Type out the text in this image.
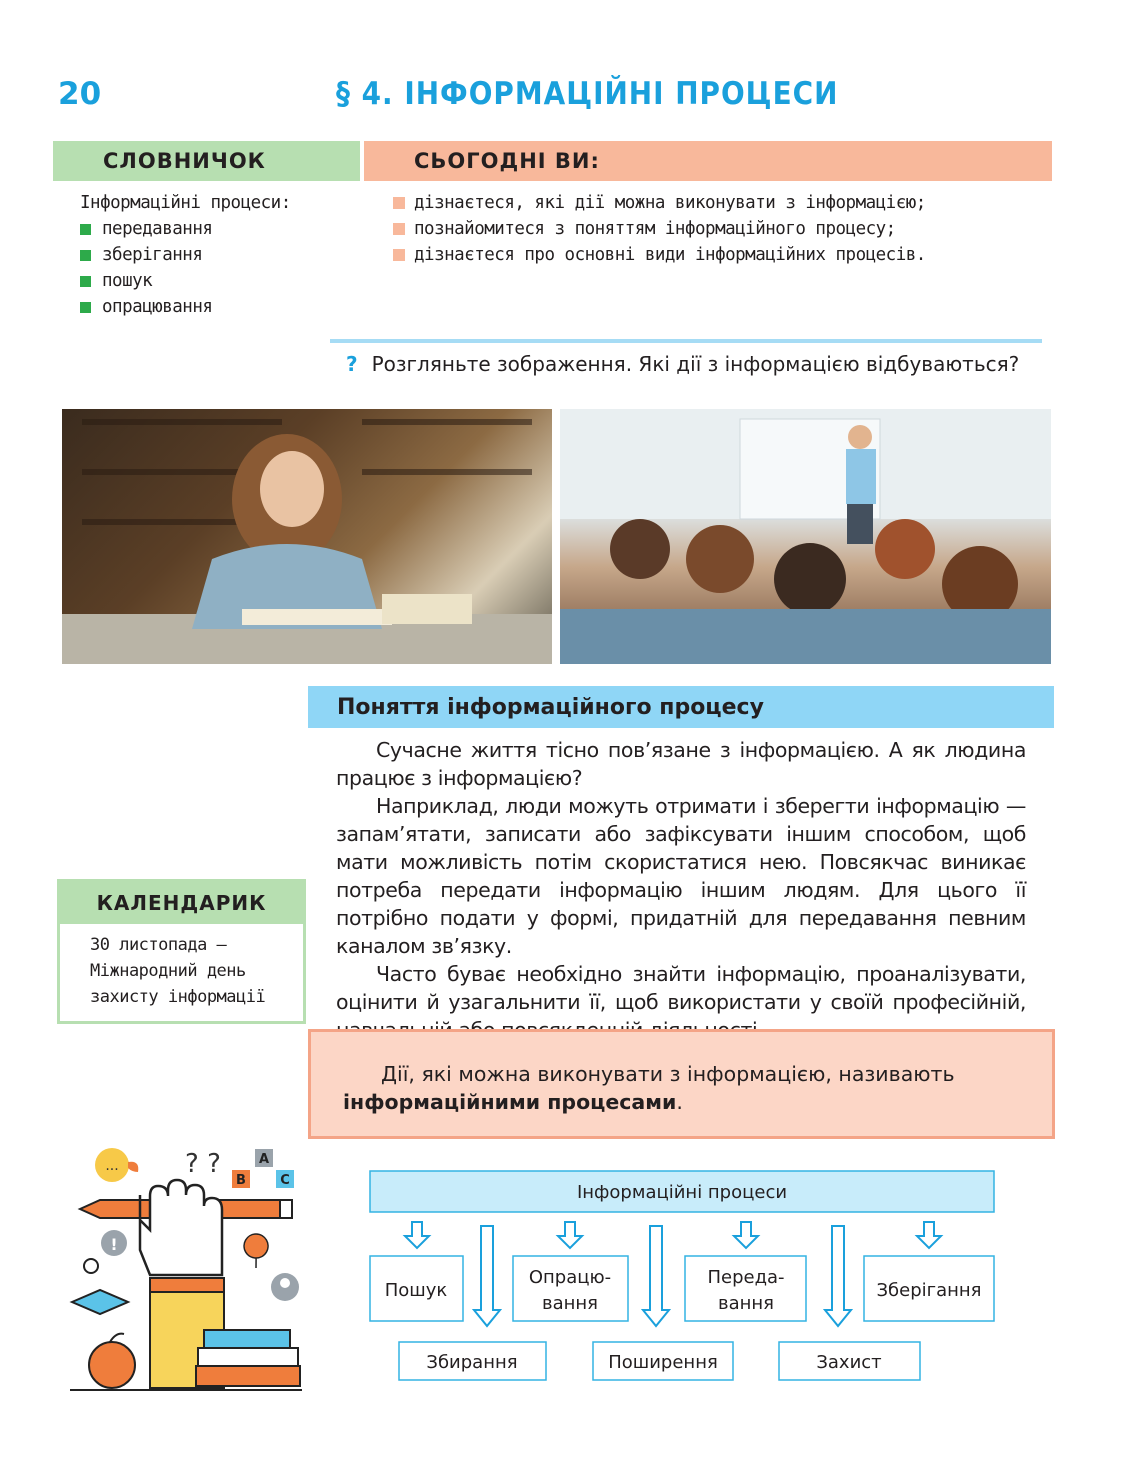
20	§ 4. ІНФОРМАЦІЙНІ ПРОЦЕСИ
СЛОВНИЧОК	СЬОГОДНІ ВИ:
Інформаційні процеси:
передавання
зберігання
пошук
опрацювання
дізнаєтеся, які дії можна виконувати з інформацією;
познайомитеся з поняттям інформаційного процесу;
дізнаєтеся про основні види інформаційних процесів.
? Розгляньте зображення. Які дії з інформацією відбуваються?
Поняття інформаційного процесу

Сучасне життя тісно пов’язане з інформацією. А як людина працює з інформацією?

Наприклад, люди можуть отримати і зберегти інформацію — запам’ятати, записати або зафіксувати іншим способом, щоб мати можливість потім скористатися нею. Повсякчас виникає потреба передати інформацію іншим людям. Для цього її потрібно подати у формі, придатній для передавання певним каналом зв’язку.

Часто буває необхідно знайти інформацію, проаналізувати, оцінити й узагальнити її, щоб використати у своїй професійній,

КАЛЕНДАРИК
30 листопада —
Міжнародний день
захисту інформації

Дії, які можна виконувати з інформацією, називають інформаційними процесами.

...	? ?	A
B	C
!
Інформаційні процеси
Пошук
Опрацю-
вання
Переда-
вання
Зберігання
Збирання	Поширення	Захист
